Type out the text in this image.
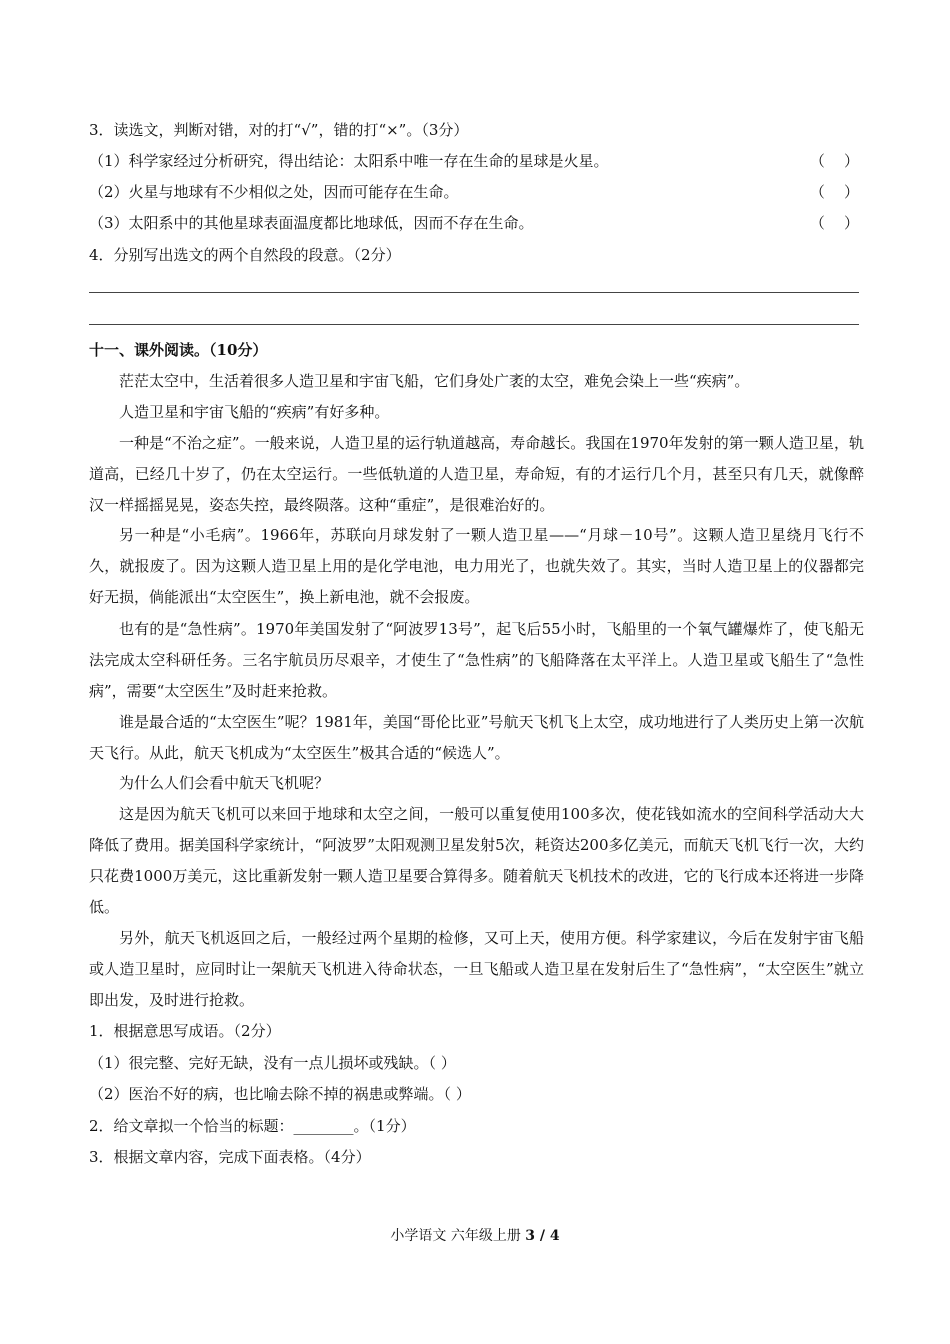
3．读选文，判断对错，对的打“√”，错的打“×”。（3分）
（1）科学家经过分析研究，得出结论：太阳系中唯一存在生命的星球是火星。	（    ）
（2）火星与地球有不少相似之处，因而可能存在生命。	（    ）
（3）太阳系中的其他星球表面温度都比地球低，因而不存在生命。	（    ）
4．分别写出选文的两个自然段的段意。（2分）
十一、课外阅读。（10分）
茫茫太空中，生活着很多人造卫星和宇宙飞船，它们身处广袤的太空，难免会染上一些“疾病”。
人造卫星和宇宙飞船的“疾病”有好多种。
一种是“不治之症”。一般来说，人造卫星的运行轨道越高，寿命越长。我国在1970年发射的第一颗人造卫星，轨道高，已经几十岁了，仍在太空运行。一些低轨道的人造卫星，寿命短，有的才运行几个月，甚至只有几天，就像醉汉一样摇摇晃晃，姿态失控，最终陨落。这种“重症”，是很难治好的。
另一种是“小毛病”。1966年，苏联向月球发射了一颗人造卫星——“月球－10号”。这颗人造卫星绕月飞行不久，就报废了。因为这颗人造卫星上用的是化学电池，电力用光了，也就失效了。其实，当时人造卫星上的仪器都完好无损，倘能派出“太空医生”，换上新电池，就不会报废。
也有的是“急性病”。1970年美国发射了“阿波罗13号”，起飞后55小时，飞船里的一个氧气罐爆炸了，使飞船无法完成太空科研任务。三名宇航员历尽艰辛，才使生了“急性病”的飞船降落在太平洋上。人造卫星或飞船生了“急性病”，需要“太空医生”及时赶来抢救。
谁是最合适的“太空医生”呢？1981年，美国“哥伦比亚”号航天飞机飞上太空，成功地进行了人类历史上第一次航天飞行。从此，航天飞机成为“太空医生”极其合适的“候选人”。
为什么人们会看中航天飞机呢？
这是因为航天飞机可以来回于地球和太空之间，一般可以重复使用100多次，使花钱如流水的空间科学活动大大降低了费用。据美国科学家统计，“阿波罗”太阳观测卫星发射5次，耗资达200多亿美元，而航天飞机飞行一次，大约只花费1000万美元，这比重新发射一颗人造卫星要合算得多。随着航天飞机技术的改进，它的飞行成本还将进一步降低。
另外，航天飞机返回之后，一般经过两个星期的检修，又可上天，使用方便。科学家建议，今后在发射宇宙飞船或人造卫星时，应同时让一架航天飞机进入待命状态，一旦飞船或人造卫星在发射后生了“急性病”，“太空医生”就立即出发，及时进行抢救。
1．根据意思写成语。（2分）
（1）很完整、完好无缺，没有一点儿损坏或残缺。（ ）
（2）医治不好的病，也比喻去除不掉的祸患或弊端。（ ）
2．给文章拟一个恰当的标题：________。（1分）
3．根据文章内容，完成下面表格。（4分）
小学语文 六年级上册 3 / 4
